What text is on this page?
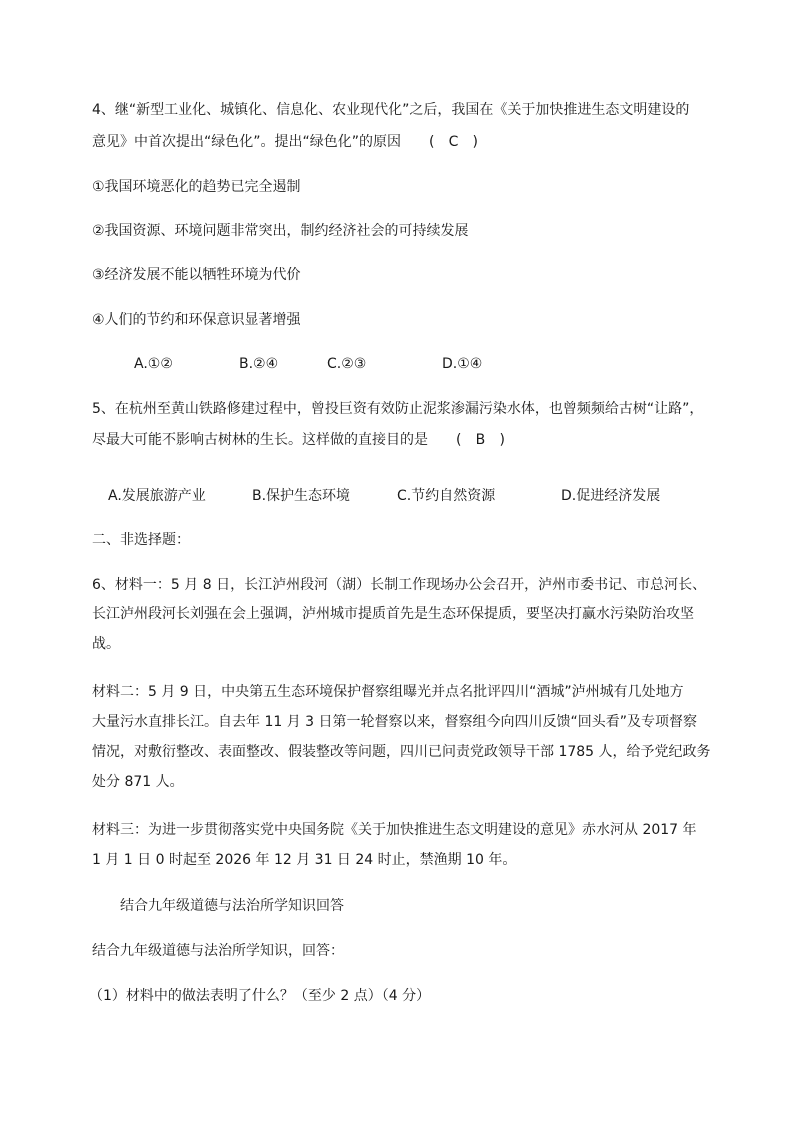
4、继“新型工业化、城镇化、信息化、农业现代化”之后，我国在《关于加快推进生态文明建设的
意见》中首次提出“绿色化”。提出“绿色化”的原因 ( C )
①我国环境恶化的趋势已完全遏制
②我国资源、环境问题非常突出，制约经济社会的可持续发展
③经济发展不能以牺牲环境为代价
④人们的节约和环保意识显著增强
A.①②	B.②④	C.②③	D.①④
5、在杭州至黄山铁路修建过程中，曾投巨资有效防止泥浆渗漏污染水体，也曾频频给古树“让路”，
尽最大可能不影响古树林的生长。这样做的直接目的是 ( B )
A.发展旅游产业	B.保护生态环境	C.节约自然资源	D.促进经济发展
二、非选择题：
6、材料一：5 月 8 日，长江泸州段河（湖）长制工作现场办公会召开，泸州市委书记、市总河长、
长江泸州段河长刘强在会上强调，泸州城市提质首先是生态环保提质，要坚决打赢水污染防治攻坚
战。
材料二：5 月 9 日，中央第五生态环境保护督察组曝光并点名批评四川“酒城”泸州城有几处地方
大量污水直排长江。自去年 11 月 3 日第一轮督察以来，督察组今向四川反馈“回头看”及专项督察
情况，对敷衍整改、表面整改、假装整改等问题，四川已问责党政领导干部 1785 人，给予党纪政务
处分 871 人。
材料三：为进一步贯彻落实党中央国务院《关于加快推进生态文明建设的意见》赤水河从 2017 年
1 月 1 日 0 时起至 2026 年 12 月 31 日 24 时止，禁渔期 10 年。
结合九年级道德与法治所学知识回答
结合九年级道德与法治所学知识，回答：
（1）材料中的做法表明了什么？（至少 2 点）（4 分）
